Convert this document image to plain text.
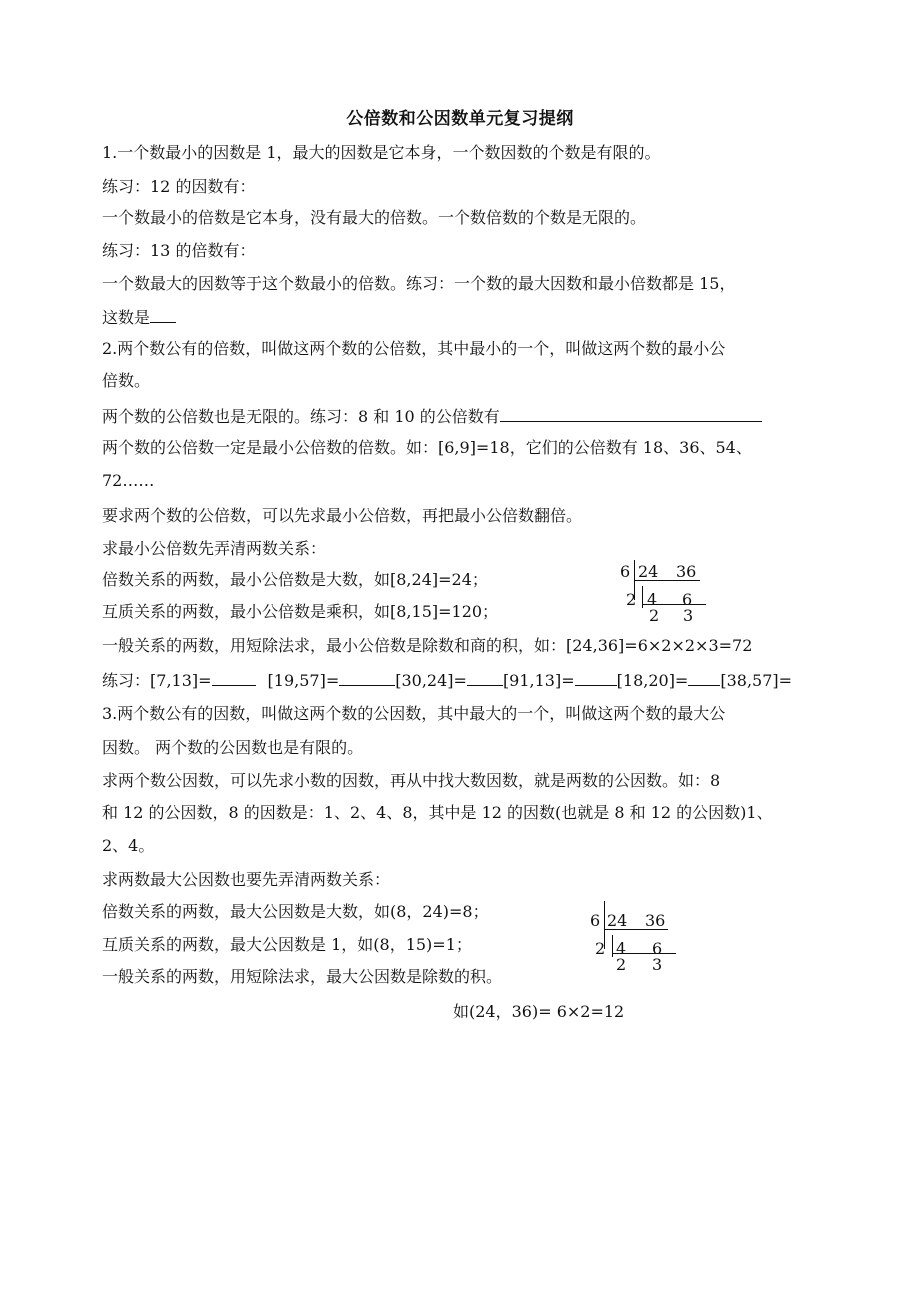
公倍数和公因数单元复习提纲
1.一个数最小的因数是 1，最大的因数是它本身，一个数因数的个数是有限的。
练习：12 的因数有：
一个数最小的倍数是它本身，没有最大的倍数。一个数倍数的个数是无限的。
练习：13 的倍数有：
一个数最大的因数等于这个数最小的倍数。练习：一个数的最大因数和最小倍数都是 15，
这数是
2.两个数公有的倍数，叫做这两个数的公倍数，其中最小的一个，叫做这两个数的最小公
倍数。
两个数的公倍数也是无限的。练习：8 和 10 的公倍数有
两个数的公倍数一定是最小公倍数的倍数。如：[6,9]=18，它们的公倍数有 18、36、54、
72……
要求两个数的公倍数，可以先求最小公倍数，再把最小公倍数翻倍。
求最小公倍数先弄清两数关系：
倍数关系的两数，最小公倍数是大数，如[8,24]=24；
互质关系的两数，最小公倍数是乘积，如[8,15]=120；
一般关系的两数，用短除法求，最小公倍数是除数和商的积，如：[24,36]=6×2×2×3=72
练习：[7,13]=	[19,57]=	[30,24]= [91,13]=	[18,20]= [38,57]=
3.两个数公有的因数，叫做这两个数的公因数，其中最大的一个，叫做这两个数的最大公
因数。 两个数的公因数也是有限的。
求两个数公因数，可以先求小数的因数，再从中找大数因数，就是两数的公因数。如：8
和 12 的公因数，8 的因数是：1、2、4、8，其中是 12 的因数(也就是 8 和 12 的公因数)1、
2、4。
求两数最大公因数也要先弄清两数关系：
倍数关系的两数，最大公因数是大数，如(8，24)=8；
互质关系的两数，最大公因数是 1，如(8，15)=1；
一般关系的两数，用短除法求，最大公因数是除数的积。
如(24，36)= 6×2=12
6 24 36
2 4 6
2 3
6 24 36
2 4 6
2 3
